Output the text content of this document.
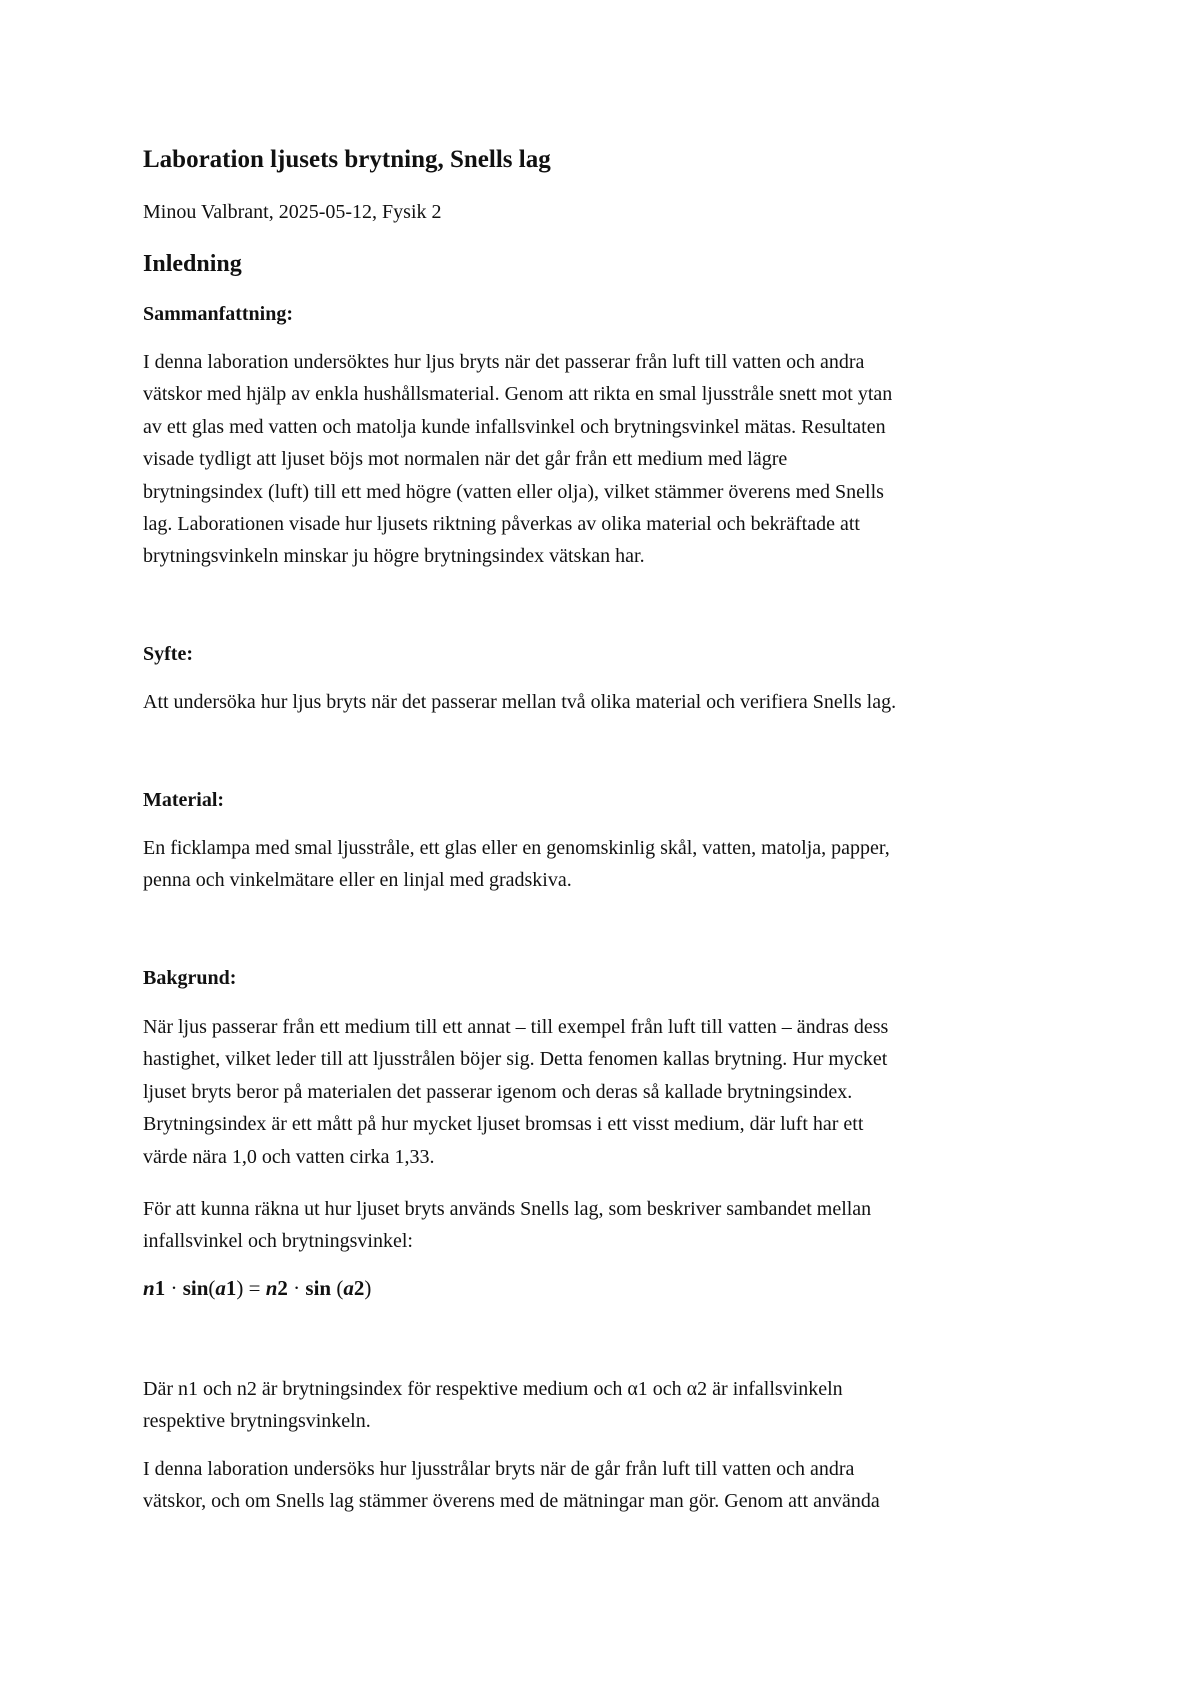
Laboration ljusets brytning, Snells lag

Minou Valbrant, 2025-05-12, Fysik 2

Inledning
Sammanfattning:

I denna laboration undersöktes hur ljus bryts när det passerar från luft till vatten och andra
vätskor med hjälp av enkla hushållsmaterial. Genom att rikta en smal ljusstråle snett mot ytan
av ett glas med vatten och matolja kunde infallsvinkel och brytningsvinkel mätas. Resultaten
visade tydligt att ljuset böjs mot normalen när det går från ett medium med lägre
brytningsindex (luft) till ett med högre (vatten eller olja), vilket stämmer överens med Snells
lag. Laborationen visade hur ljusets riktning påverkas av olika material och bekräftade att
brytningsvinkeln minskar ju högre brytningsindex vätskan har.

Syfte:

Att undersöka hur ljus bryts när det passerar mellan två olika material och verifiera Snells lag.

Material:

En ficklampa med smal ljusstråle, ett glas eller en genomskinlig skål, vatten, matolja, papper,
penna och vinkelmätare eller en linjal med gradskiva.

Bakgrund:

När ljus passerar från ett medium till ett annat – till exempel från luft till vatten – ändras dess
hastighet, vilket leder till att ljusstrålen böjer sig. Detta fenomen kallas brytning. Hur mycket
ljuset bryts beror på materialen det passerar igenom och deras så kallade brytningsindex.
Brytningsindex är ett mått på hur mycket ljuset bromsas i ett visst medium, där luft har ett
värde nära 1,0 och vatten cirka 1,33.

För att kunna räkna ut hur ljuset bryts används Snells lag, som beskriver sambandet mellan
infallsvinkel och brytningsvinkel:

n1 · sin(a1) = n2 · sin (a2)

Där n1 och n2 är brytningsindex för respektive medium och α1 och α2 är infallsvinkeln
respektive brytningsvinkeln.

I denna laboration undersöks hur ljusstrålar bryts när de går från luft till vatten och andra
vätskor, och om Snells lag stämmer överens med de mätningar man gör. Genom att använda
